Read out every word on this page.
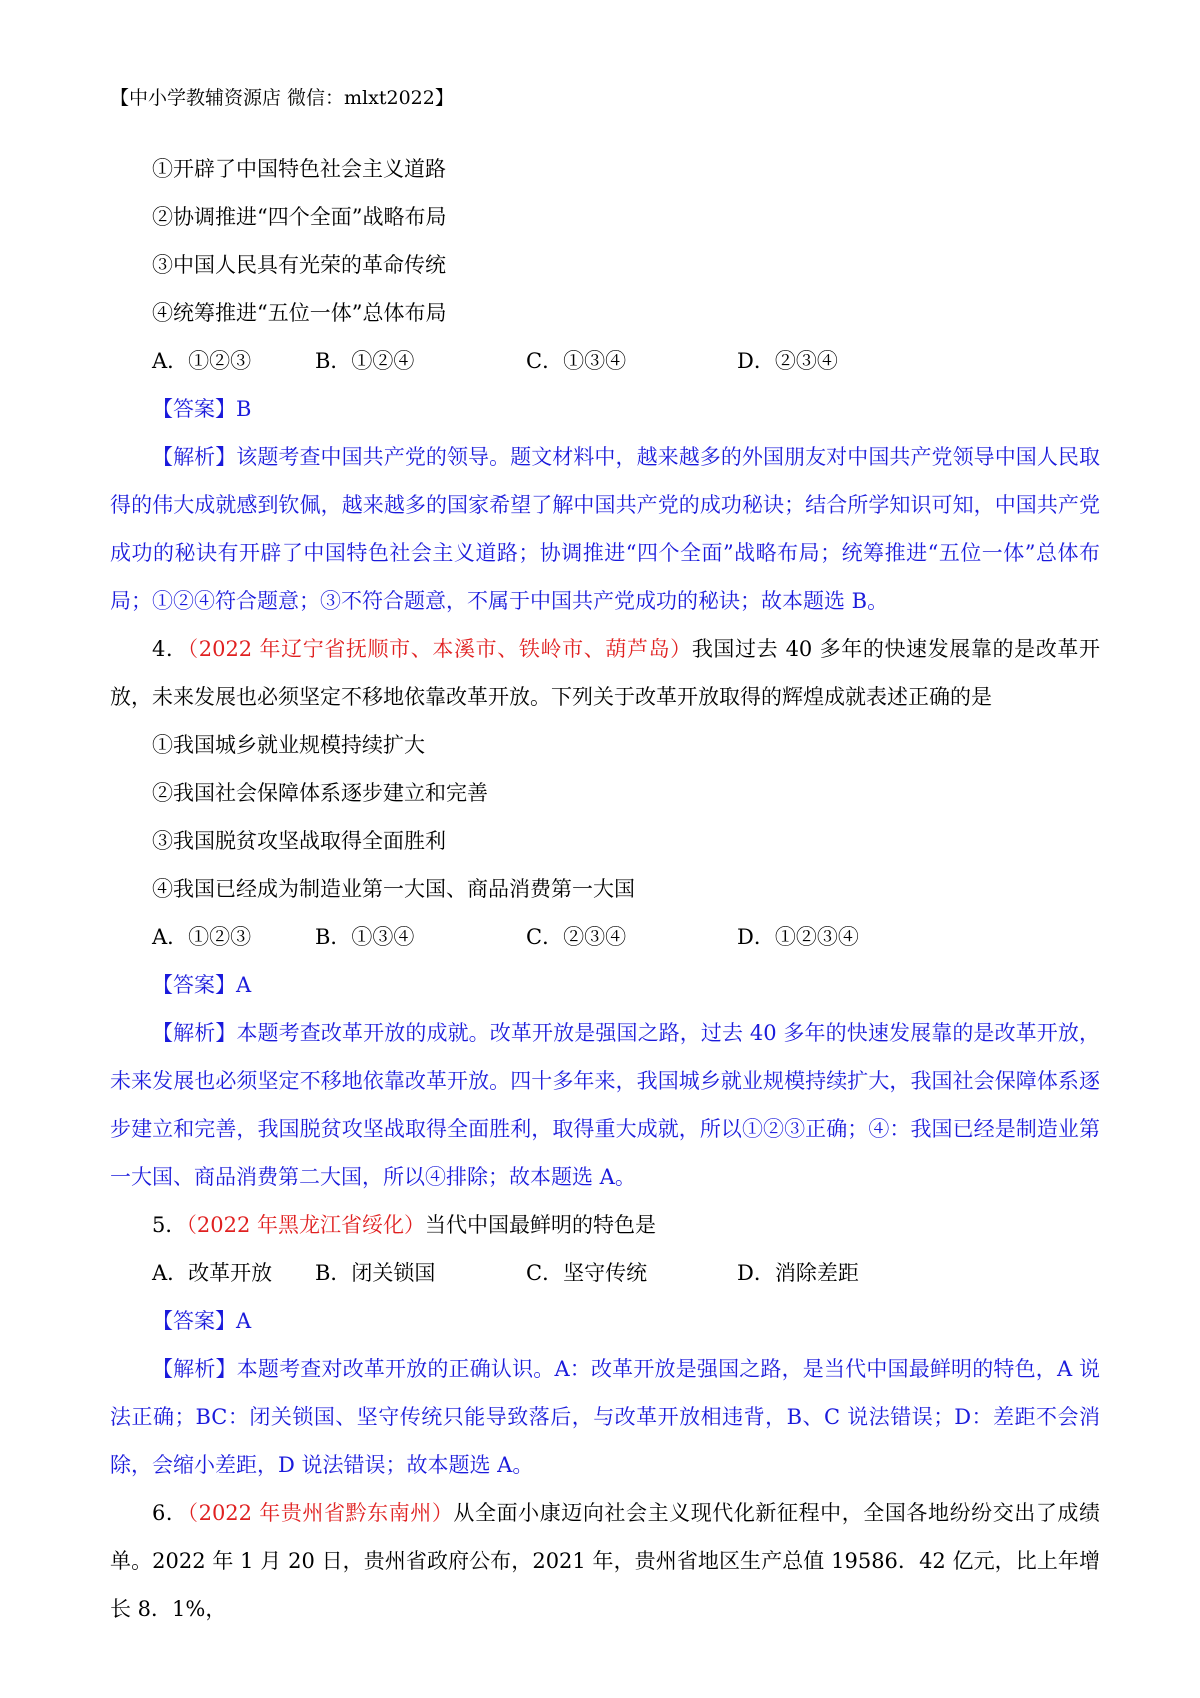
【中小学教辅资源店 微信：mlxt2022】

①开辟了中国特色社会主义道路

②协调推进“四个全面”战略布局

③中国人民具有光荣的革命传统

④统筹推进“五位一体”总体布局

A．①②③	B．①②④	C．①③④	D．②③④

【答案】B

【解析】该题考查中国共产党的领导。题文材料中，越来越多的外国朋友对中国共产党领导中国人民取得的伟大成就感到钦佩，越来越多的国家希望了解中国共产党的成功秘诀；结合所学知识可知，中国共产党成功的秘诀有开辟了中国特色社会主义道路；协调推进“四个全面”战略布局；统筹推进“五位一体”总体布局；①②④符合题意；③不符合题意，不属于中国共产党成功的秘诀；故本题选 B。

4．（2022 年辽宁省抚顺市、本溪市、铁岭市、葫芦岛）我国过去 40 多年的快速发展靠的是改革开放，未来发展也必须坚定不移地依靠改革开放。下列关于改革开放取得的辉煌成就表述正确的是

①我国城乡就业规模持续扩大

②我国社会保障体系逐步建立和完善

③我国脱贫攻坚战取得全面胜利

④我国已经成为制造业第一大国、商品消费第一大国

A．①②③	B．①③④	C．②③④	D．①②③④

【答案】A

【解析】本题考查改革开放的成就。改革开放是强国之路，过去 40 多年的快速发展靠的是改革开放，未来发展也必须坚定不移地依靠改革开放。四十多年来，我国城乡就业规模持续扩大，我国社会保障体系逐步建立和完善，我国脱贫攻坚战取得全面胜利，取得重大成就，所以①②③正确；④：我国已经是制造业第一大国、商品消费第二大国，所以④排除；故本题选 A。

5．（2022 年黑龙江省绥化）当代中国最鲜明的特色是

A．改革开放 B．闭关锁国	C．坚守传统	D．消除差距

【答案】A

【解析】本题考查对改革开放的正确认识。A：改革开放是强国之路，是当代中国最鲜明的特色，A 说法正确；BC：闭关锁国、坚守传统只能导致落后，与改革开放相违背，B、C 说法错误；D：差距不会消除，会缩小差距，D 说法错误；故本题选 A。

6．（2022 年贵州省黔东南州）从全面小康迈向社会主义现代化新征程中，全国各地纷纷交出了成绩单。2022 年 1 月 20 日，贵州省政府公布，2021 年，贵州省地区生产总值 19586．42 亿元，比上年增长 8．1%，
